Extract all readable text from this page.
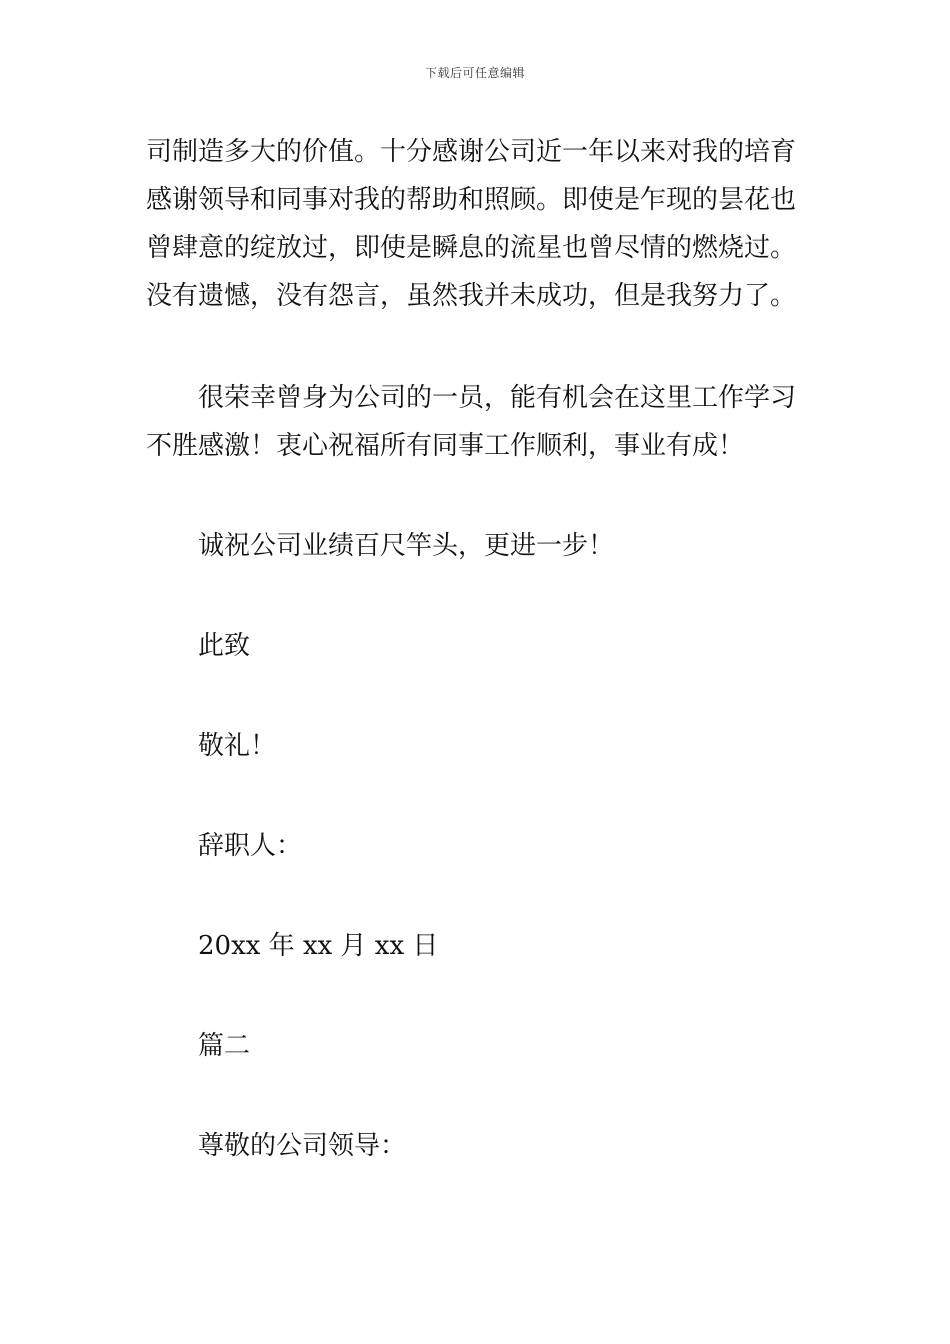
下载后可任意编辑
司制造多大的价值。十分感谢公司近一年以来对我的培育
感谢领导和同事对我的帮助和照顾。即使是乍现的昙花也
曾肆意的绽放过，即使是瞬息的流星也曾尽情的燃烧过。
没有遗憾，没有怨言，虽然我并未成功，但是我努力了。
很荣幸曾身为公司的一员，能有机会在这里工作学习
不胜感激！衷心祝福所有同事工作顺利，事业有成！
诚祝公司业绩百尺竿头，更进一步！
此致
敬礼！
辞职人：
20xx 年 xx 月 xx 日
篇二
尊敬的公司领导：
